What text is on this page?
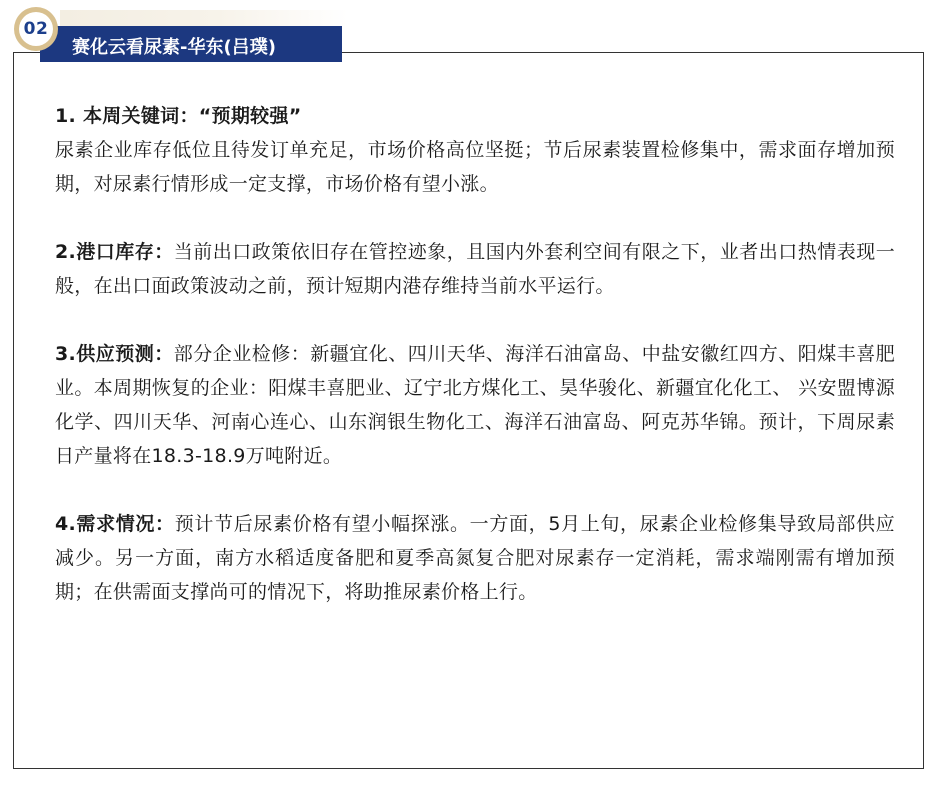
02
赛化云看尿素-华东(吕璞)
1. 本周关键词：“预期较强”
尿素企业库存低位且待发订单充足，市场价格高位坚挺；节后尿素装置检修集中，需求面存增加预期，对尿素行情形成一定支撑，市场价格有望小涨。
2.港口库存：当前出口政策依旧存在管控迹象，且国内外套利空间有限之下，业者出口热情表现一般，在出口面政策波动之前，预计短期内港存维持当前水平运行。
3.供应预测：部分企业检修：新疆宜化、四川天华、海洋石油富岛、中盐安徽红四方、阳煤丰喜肥业。本周期恢复的企业：阳煤丰喜肥业、辽宁北方煤化工、昊华骏化、新疆宜化化工、 兴安盟博源化学、四川天华、河南心连心、山东润银生物化工、海洋石油富岛、阿克苏华锦。预计，下周尿素日产量将在18.3-18.9万吨附近。
4.需求情况：预计节后尿素价格有望小幅探涨。一方面，5月上旬，尿素企业检修集导致局部供应减少。另一方面，南方水稻适度备肥和夏季高氮复合肥对尿素存一定消耗，需求端刚需有增加预期；在供需面支撑尚可的情况下，将助推尿素价格上行。
